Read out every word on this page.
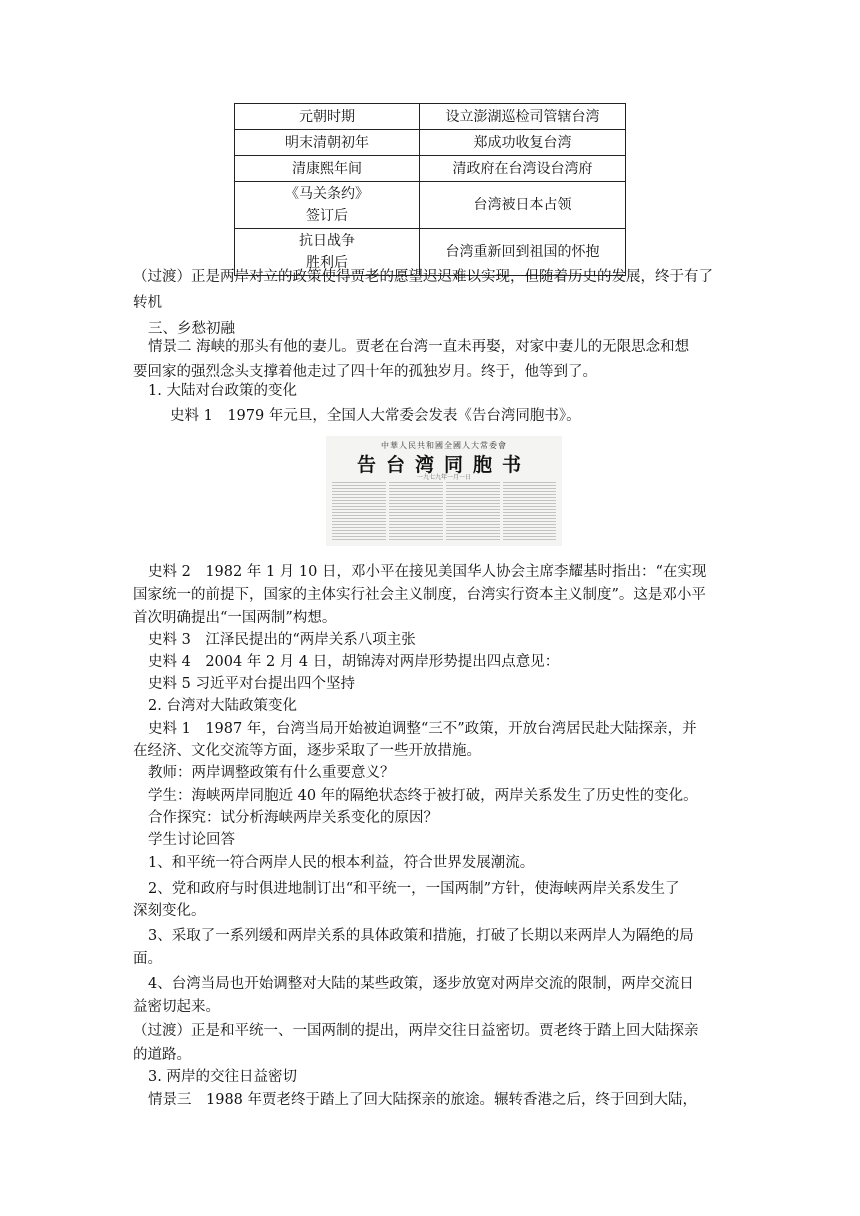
元朝时期	设立澎湖巡检司管辖台湾
明末清朝初年	郑成功收复台湾
清康熙年间	清政府在台湾设台湾府

《马关条约》
签订后	台湾被日本占领

抗日战争
胜利后	台湾重新回到祖国的怀抱
（过渡）正是两岸对立的政策使得贾老的愿望迟迟难以实现，但随着历史的发展，终于有了
转机
三、乡愁初融
情景二 海峡的那头有他的妻儿。贾老在台湾一直未再娶，对家中妻儿的无限思念和想
要回家的强烈念头支撑着他走过了四十年的孤独岁月。终于，他等到了。
1. 大陆对台政策的变化
史料 1　1979 年元旦，全国人大常委会发表《告台湾同胞书》。
中華人民共和國全國人大常委會
告台湾同胞书
一九七九年一月一日
史料 2　1982 年 1 月 10 日，邓小平在接见美国华人协会主席李耀基时指出：“在实现
国家统一的前提下，国家的主体实行社会主义制度，台湾实行资本主义制度”。这是邓小平
首次明确提出“一国两制”构想。
史料 3　江泽民提出的“两岸关系八项主张
史料 4　2004 年 2 月 4 日，胡锦涛对两岸形势提出四点意见：
史料 5 习近平对台提出四个坚持
2. 台湾对大陆政策变化
史料 1　1987 年，台湾当局开始被迫调整“三不”政策，开放台湾居民赴大陆探亲，并
在经济、文化交流等方面，逐步采取了一些开放措施。
教师：两岸调整政策有什么重要意义？
学生：海峡两岸同胞近 40 年的隔绝状态终于被打破，两岸关系发生了历史性的变化。
合作探究：试分析海峡两岸关系变化的原因？
学生讨论回答
1、和平统一符合两岸人民的根本利益，符合世界发展潮流。
2、党和政府与时俱进地制订出“和平统一，一国两制”方针，使海峡两岸关系发生了
深刻变化。
3、采取了一系列缓和两岸关系的具体政策和措施，打破了长期以来两岸人为隔绝的局
面。
4、台湾当局也开始调整对大陆的某些政策，逐步放宽对两岸交流的限制，两岸交流日
益密切起来。
（过渡）正是和平统一、一国两制的提出，两岸交往日益密切。贾老终于踏上回大陆探亲
的道路。
3. 两岸的交往日益密切
情景三　1988 年贾老终于踏上了回大陆探亲的旅途。辗转香港之后，终于回到大陆，
